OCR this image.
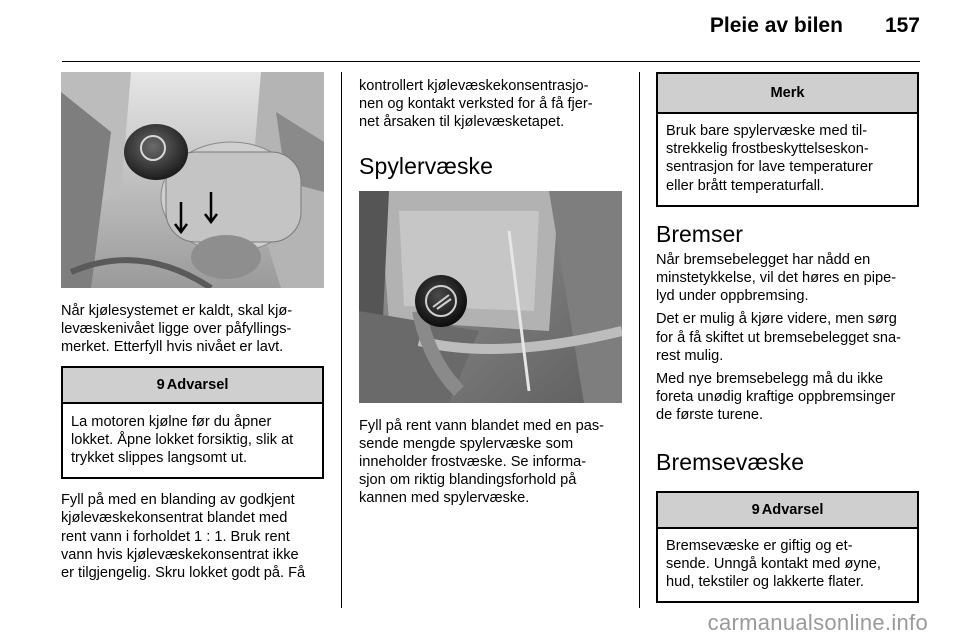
Pleie av bilen 157

Når kjølesystemet er kaldt, skal kjø-
levæskenivået ligge over påfyllings-
merket. Etterfyll hvis nivået er lavt.

9 Advarsel
La motoren kjølne før du åpner
lokket. Åpne lokket forsiktig, slik at
trykket slippes langsomt ut.

Fyll på med en blanding av godkjent
kjølevæskekonsentrat blandet med
rent vann i forholdet 1 : 1. Bruk rent
vann hvis kjølevæskekonsentrat ikke
er tilgjengelig. Skru lokket godt på. Få

kontrollert kjølevæskekonsentrasjo-
nen og kontakt verksted for å få fjer-
net årsaken til kjølevæsketapet.

Spylervæske

Fyll på rent vann blandet med en pas-
sende mengde spylervæske som
inneholder frostvæske. Se informa-
sjon om riktig blandingsforhold på
kannen med spylervæske.

Merk
Bruk bare spylervæske med til-
strekkelig frostbeskyttelseskon-
sentrasjon for lave temperaturer
eller brått temperaturfall.
Bremser

Når bremsebelegget har nådd en
minstetykkelse, vil det høres en pipe-
lyd under oppbremsing.

Det er mulig å kjøre videre, men sørg
for å få skiftet ut bremsebelegget sna-
rest mulig.

Med nye bremsebelegg må du ikke
foreta unødig kraftige oppbremsinger
de første turene.

Bremsevæske
9 Advarsel
Bremsevæske er giftig og et-
sende. Unngå kontakt med øyne,
hud, tekstiler og lakkerte flater.
carmanualsonline.info
